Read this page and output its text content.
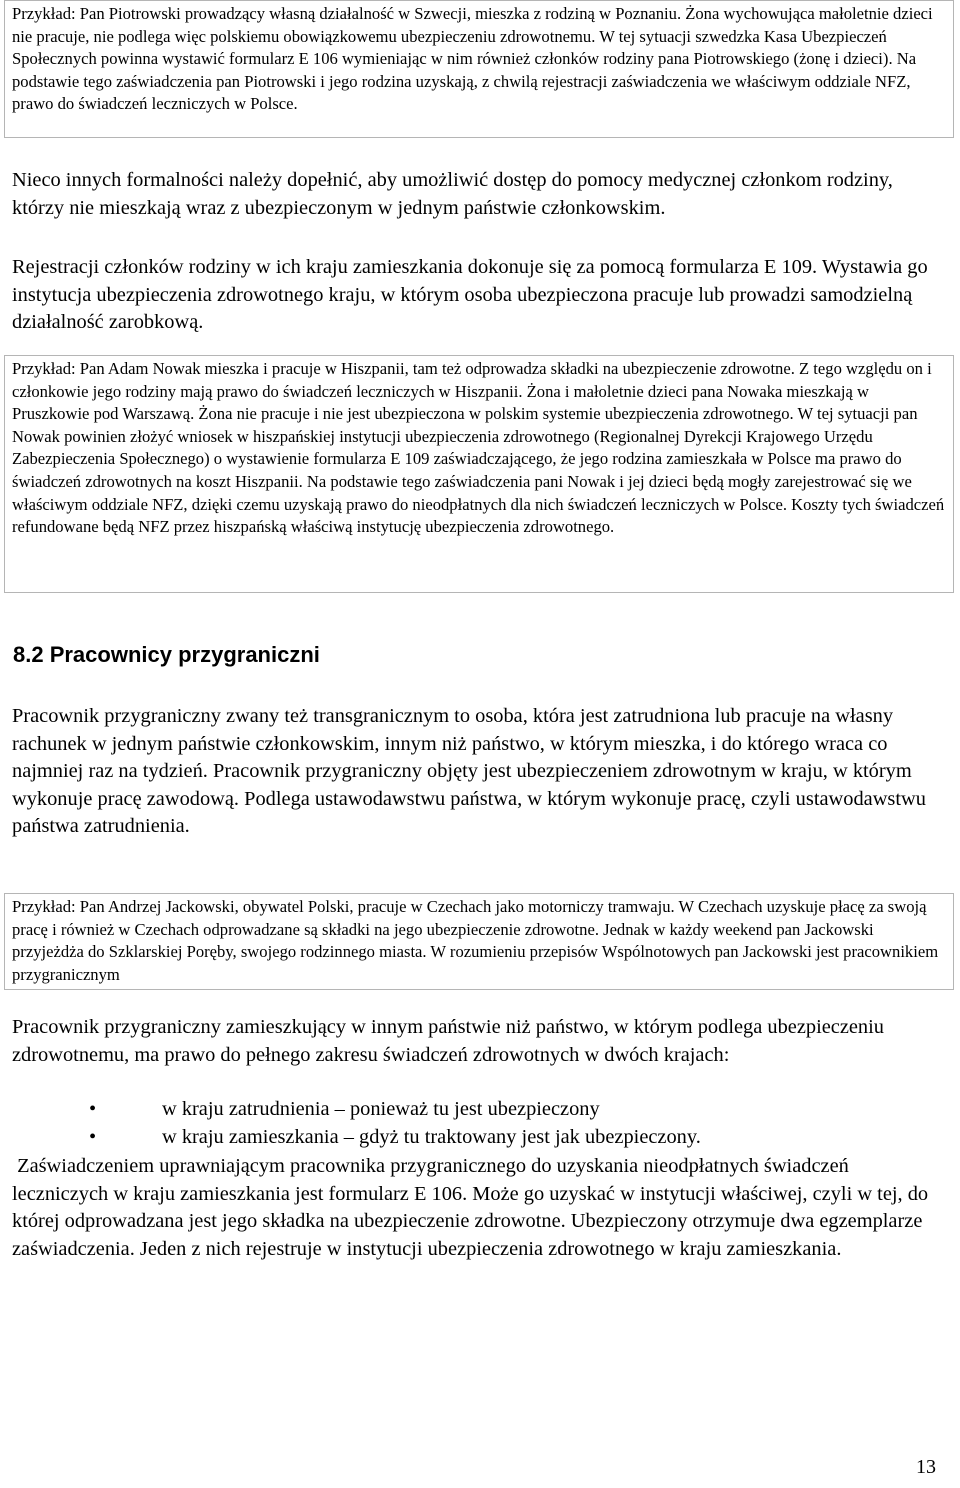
Przykład: Pan Piotrowski prowadzący własną działalność w Szwecji, mieszka z rodziną w Poznaniu. Żona wychowująca małoletnie dzieci nie pracuje, nie podlega więc polskiemu obowiązkowemu ubezpieczeniu zdrowotnemu. W tej sytuacji szwedzka Kasa Ubezpieczeń Społecznych powinna wystawić formularz E 106 wymieniając w nim również członków rodziny pana Piotrowskiego (żonę i dzieci). Na podstawie tego zaświadczenia pan Piotrowski i jego rodzina uzyskają, z chwilą rejestracji zaświadczenia we właściwym oddziale NFZ, prawo do świadczeń leczniczych w Polsce.

Nieco innych formalności należy dopełnić, aby umożliwić dostęp do pomocy medycznej członkom rodziny, którzy nie mieszkają wraz z ubezpieczonym w jednym państwie członkowskim.

Rejestracji członków rodziny w ich kraju zamieszkania dokonuje się za pomocą formularza E 109. Wystawia go instytucja ubezpieczenia zdrowotnego kraju, w którym osoba ubezpieczona pracuje lub prowadzi samodzielną działalność zarobkową.

Przykład: Pan Adam Nowak mieszka i pracuje w Hiszpanii, tam też odprowadza składki na ubezpieczenie zdrowotne. Z tego względu on i członkowie jego rodziny mają prawo do świadczeń leczniczych w Hiszpanii. Żona i małoletnie dzieci pana Nowaka mieszkają w Pruszkowie pod Warszawą. Żona nie pracuje i nie jest ubezpieczona w polskim systemie ubezpieczenia zdrowotnego. W tej sytuacji pan Nowak powinien złożyć wniosek w hiszpańskiej instytucji ubezpieczenia zdrowotnego (Regionalnej Dyrekcji Krajowego Urzędu Zabezpieczenia Społecznego) o wystawienie formularza E 109 zaświadczającego, że jego rodzina zamieszkała w Polsce ma prawo do świadczeń zdrowotnych na koszt Hiszpanii. Na podstawie tego zaświadczenia pani Nowak i jej dzieci będą mogły zarejestrować się we właściwym oddziale NFZ, dzięki czemu uzyskają prawo do nieodpłatnych dla nich świadczeń leczniczych w Polsce. Koszty tych świadczeń refundowane będą NFZ przez hiszpańską właściwą instytucję ubezpieczenia zdrowotnego.
8.2 Pracownicy przygraniczni

Pracownik przygraniczny zwany też transgranicznym to osoba, która jest zatrudniona lub pracuje na własny rachunek w jednym państwie członkowskim, innym niż państwo, w którym mieszka, i do którego wraca co najmniej raz na tydzień. Pracownik przygraniczny objęty jest ubezpieczeniem zdrowotnym w kraju, w którym wykonuje pracę zawodową. Podlega ustawodawstwu państwa, w którym wykonuje pracę, czyli ustawodawstwu państwa zatrudnienia.

Przykład: Pan Andrzej Jackowski, obywatel Polski, pracuje w Czechach jako motorniczy tramwaju. W Czechach uzyskuje płacę za swoją pracę i również w Czechach odprowadzane są składki na jego ubezpieczenie zdrowotne. Jednak w każdy weekend pan Jackowski przyjeżdża do Szklarskiej Poręby, swojego rodzinnego miasta. W rozumieniu przepisów Wspólnotowych pan Jackowski jest pracownikiem przygranicznym

Pracownik przygraniczny zamieszkujący w innym państwie niż państwo, w którym podlega ubezpieczeniu zdrowotnemu, ma prawo do pełnego zakresu świadczeń zdrowotnych w dwóch krajach:

•	w kraju zatrudnienia – ponieważ tu jest ubezpieczony
•	w kraju zamieszkania – gdyż tu traktowany jest jak ubezpieczony.

Zaświadczeniem uprawniającym pracownika przygranicznego do uzyskania nieodpłatnych świadczeń leczniczych w kraju zamieszkania jest formularz E 106. Może go uzyskać w instytucji właściwej, czyli w tej, do której odprowadzana jest jego składka na ubezpieczenie zdrowotne. Ubezpieczony otrzymuje dwa egzemplarze zaświadczenia. Jeden z nich rejestruje w instytucji ubezpieczenia zdrowotnego w kraju zamieszkania.

13
